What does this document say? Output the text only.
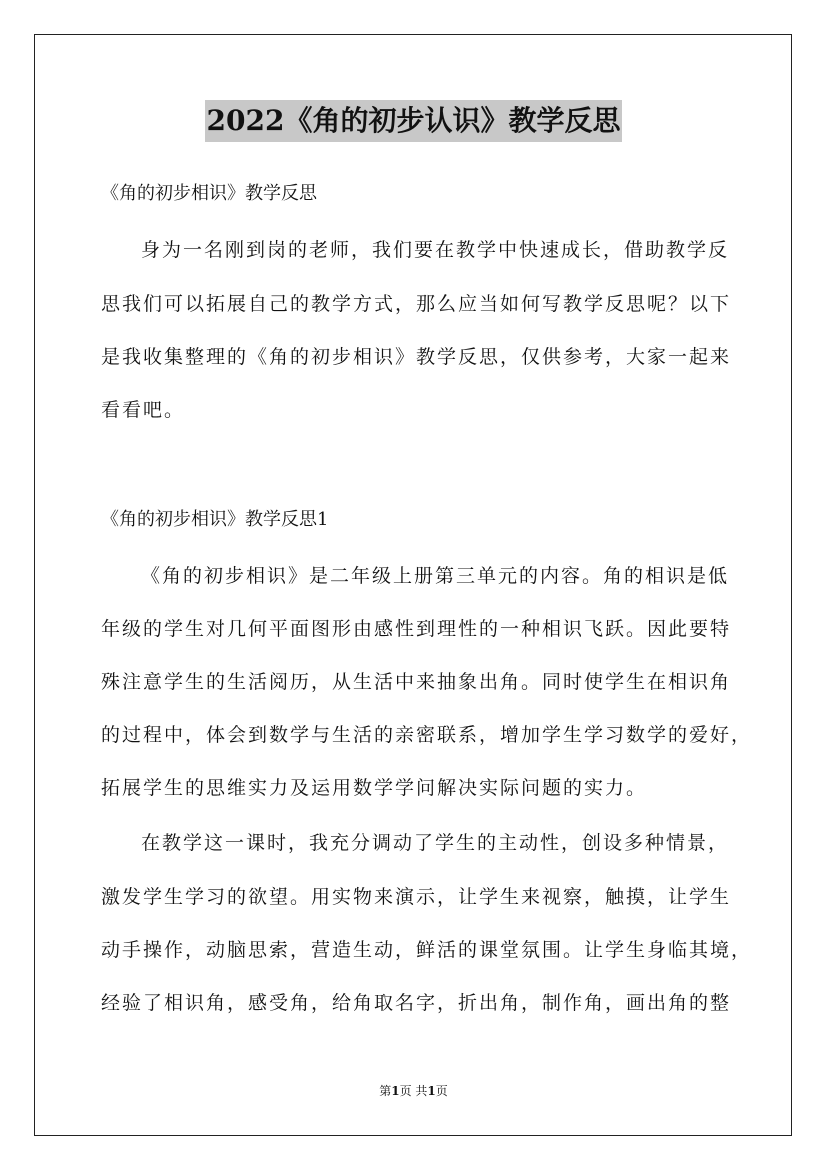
2022《角的初步认识》教学反思
《角的初步相识》教学反思
身为一名刚到岗的老师，我们要在教学中快速成长，借助教学反
思我们可以拓展自己的教学方式，那么应当如何写教学反思呢？以下
是我收集整理的《角的初步相识》教学反思，仅供参考，大家一起来
看看吧。
《角的初步相识》教学反思1
《角的初步相识》是二年级上册第三单元的内容。角的相识是低
年级的学生对几何平面图形由感性到理性的一种相识飞跃。因此要特
殊注意学生的生活阅历，从生活中来抽象出角。同时使学生在相识角
的过程中，体会到数学与生活的亲密联系，增加学生学习数学的爱好，
拓展学生的思维实力及运用数学学问解决实际问题的实力。
在教学这一课时，我充分调动了学生的主动性，创设多种情景，
激发学生学习的欲望。用实物来演示，让学生来视察，触摸，让学生
动手操作，动脑思索，营造生动，鲜活的课堂氛围。让学生身临其境，
经验了相识角，感受角，给角取名字，折出角，制作角，画出角的整
第1页 共1页
